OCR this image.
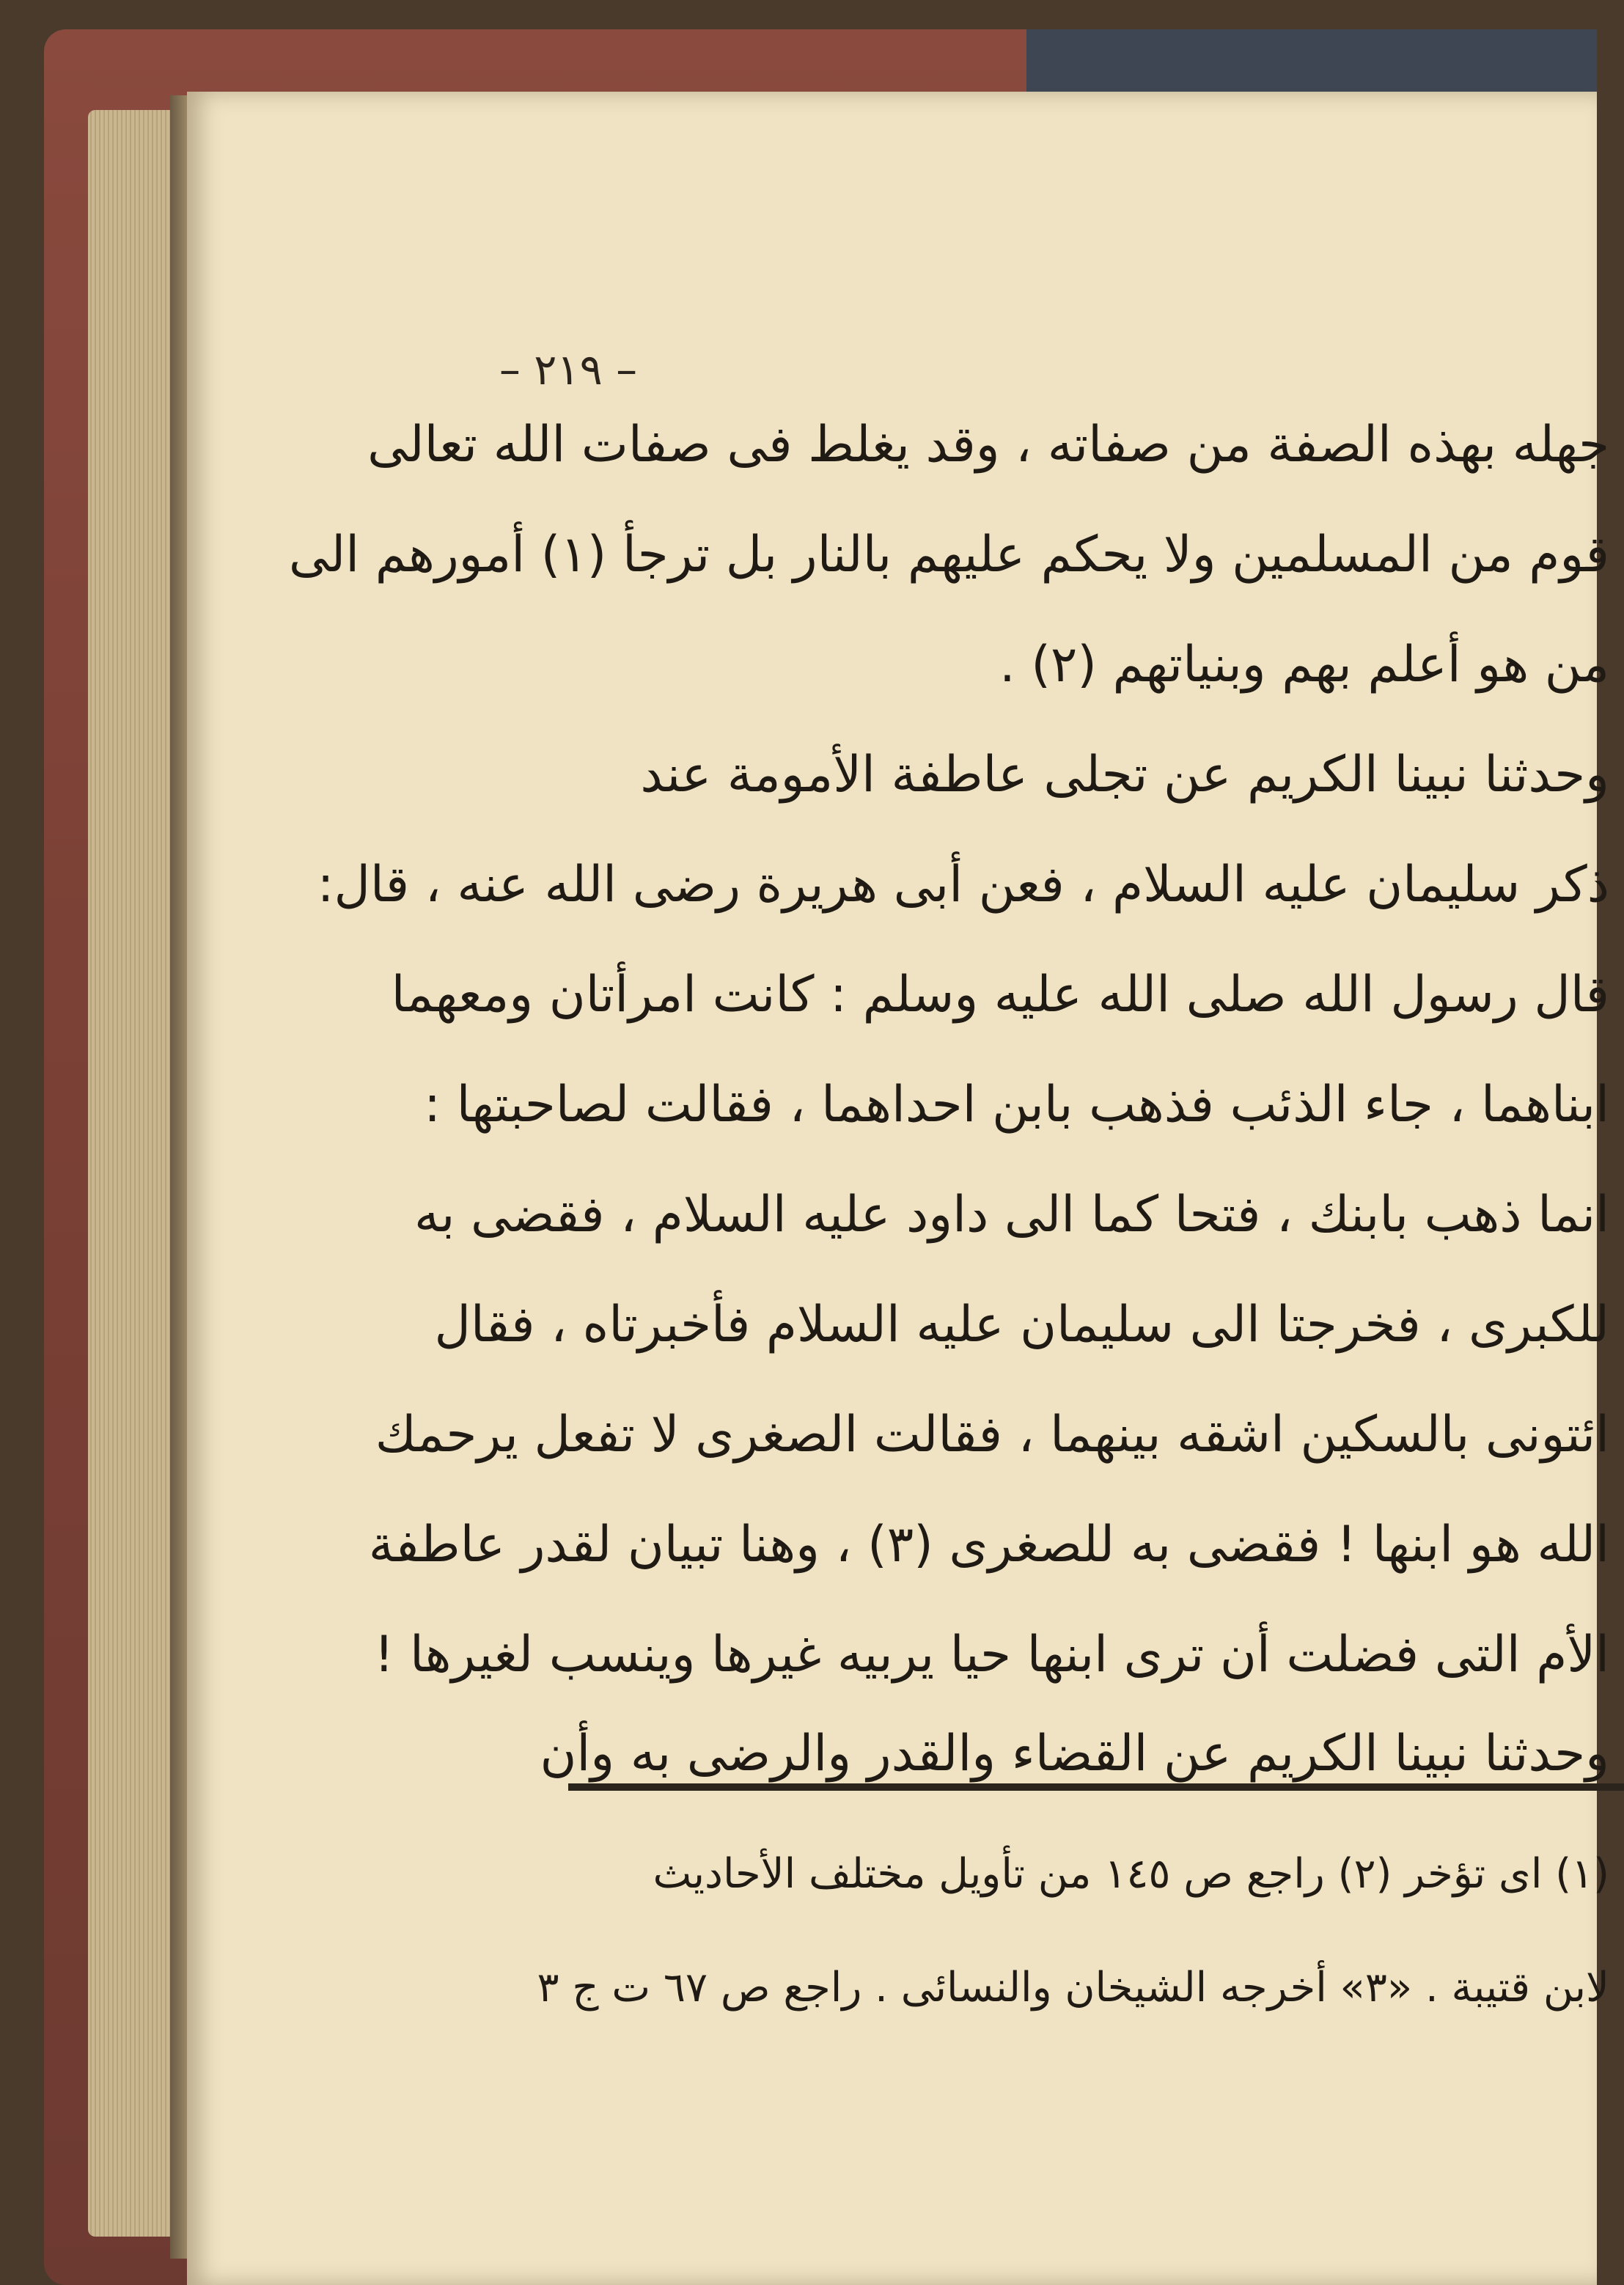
– ٢١٩ –
جهله بهذه الصفة من صفاته ، وقد يغلط فى صفات الله تعالى
قوم من المسلمين ولا يحكم عليهم بالنار بل ترجأ (١) أمورهم الى
من هو أعلم بهم وبنياتهم (٢) .
وحدثنا نبينا الكريم عن تجلى عاطفة الأمومة عند
ذكر سليمان عليه السلام ، فعن أبى هريرة رضى الله عنه ، قال:
قال رسول الله صلى الله عليه وسلم : كانت امرأتان ومعهما
ابناهما ، جاء الذئب فذهب بابن احداهما ، فقالت لصاحبتها :
انما ذهب بابنك ، فتحا كما الى داود عليه السلام ، فقضى به
للكبرى ، فخرجتا الى سليمان عليه السلام فأخبرتاه ، فقال
ائتونى بالسكين اشقه بينهما ، فقالت الصغرى لا تفعل يرحمك
الله هو ابنها ! فقضى به للصغرى (٣) ، وهنا تبيان لقدر عاطفة
الأم التى فضلت أن ترى ابنها حيا يربيه غيرها وينسب لغيرها !
وحدثنا نبينا الكريم عن القضاء والقدر والرضى به وأن
(١) اى تؤخر (٢) راجع ص ١٤٥ من تأويل مختلف الأحاديث
لابن قتيبة . «٣» أخرجه الشيخان والنسائى . راجع ص ٦٧ ت ج ٣
